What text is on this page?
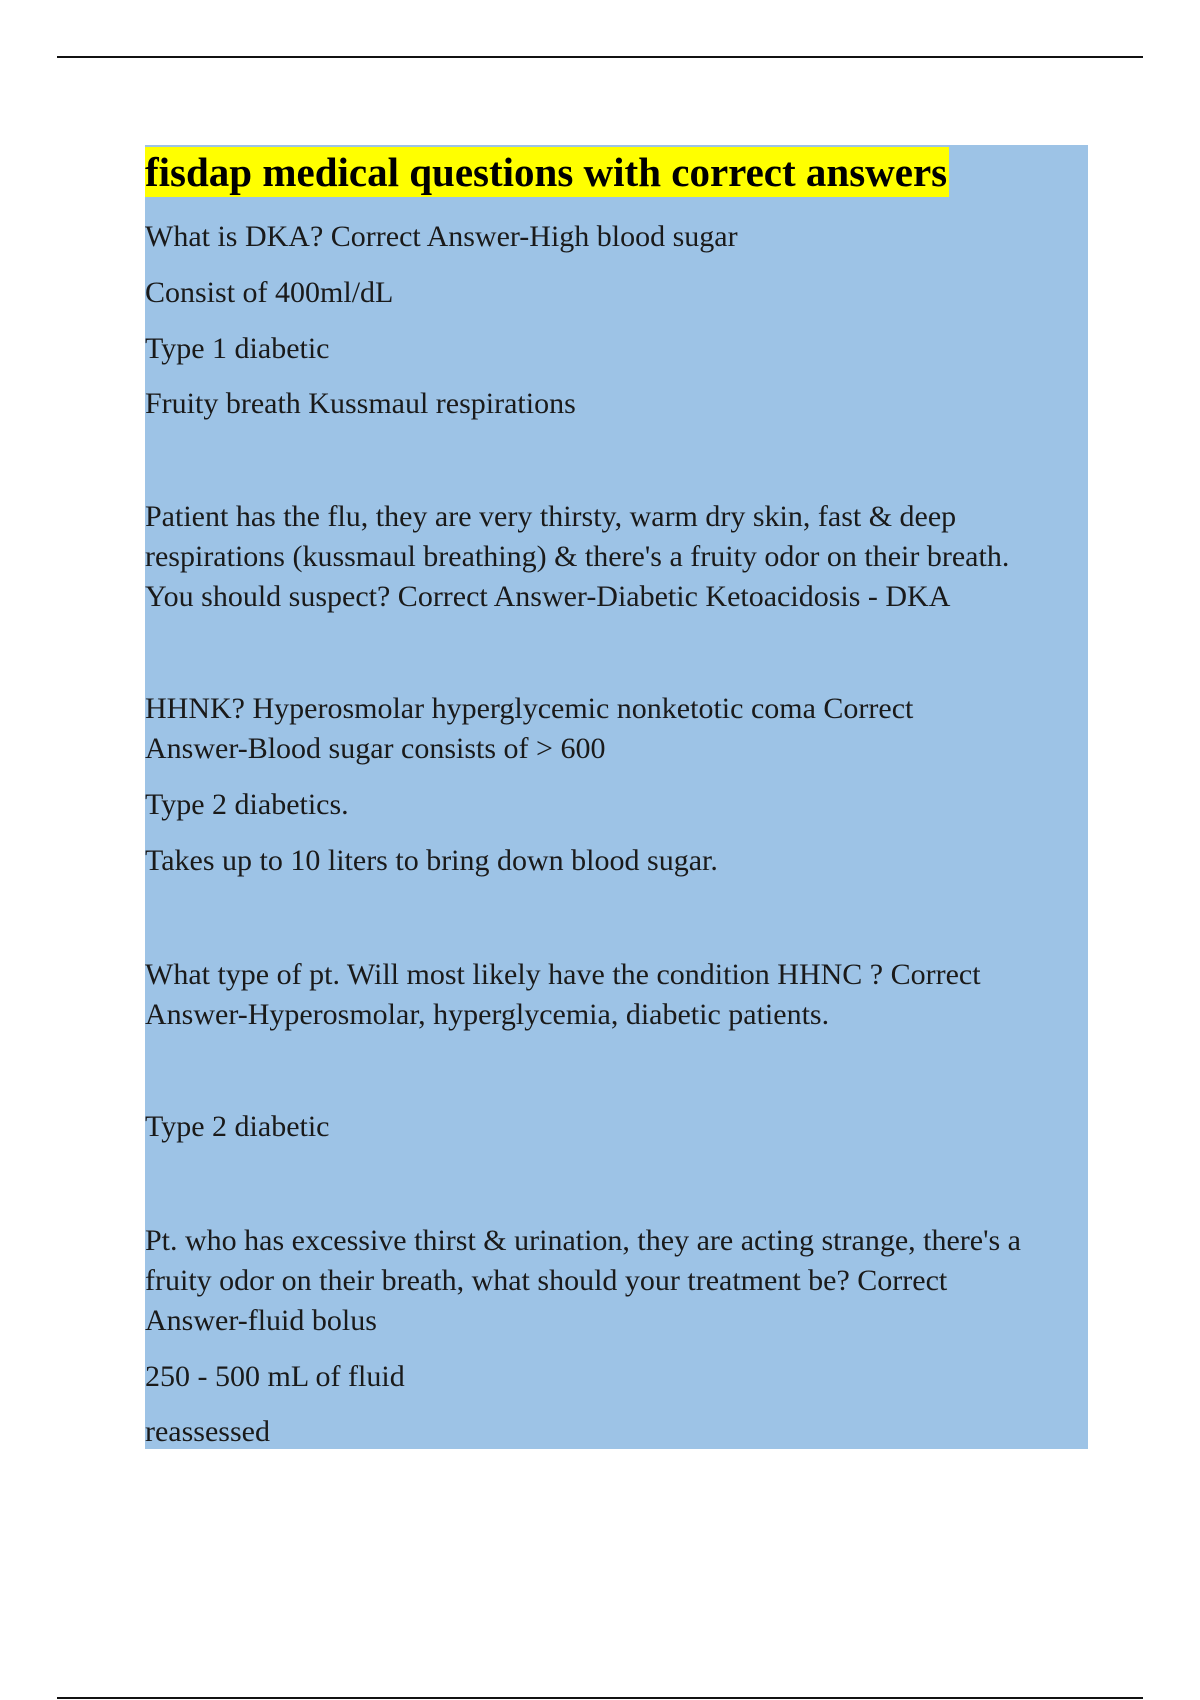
fisdap medical questions with correct answers
What is DKA? Correct Answer-High blood sugar
Consist of 400ml/dL
Type 1 diabetic
Fruity breath Kussmaul respirations
Patient has the flu, they are very thirsty, warm dry skin, fast & deep
respirations (kussmaul breathing) & there's a fruity odor on their breath.
You should suspect? Correct Answer-Diabetic Ketoacidosis - DKA
HHNK? Hyperosmolar hyperglycemic nonketotic coma Correct
Answer-Blood sugar consists of > 600
Type 2 diabetics.
Takes up to 10 liters to bring down blood sugar.
What type of pt. Will most likely have the condition HHNC ? Correct
Answer-Hyperosmolar, hyperglycemia, diabetic patients.
Type 2 diabetic
Pt. who has excessive thirst & urination, they are acting strange, there's a
fruity odor on their breath, what should your treatment be? Correct
Answer-fluid bolus
250 - 500 mL of fluid
reassessed
